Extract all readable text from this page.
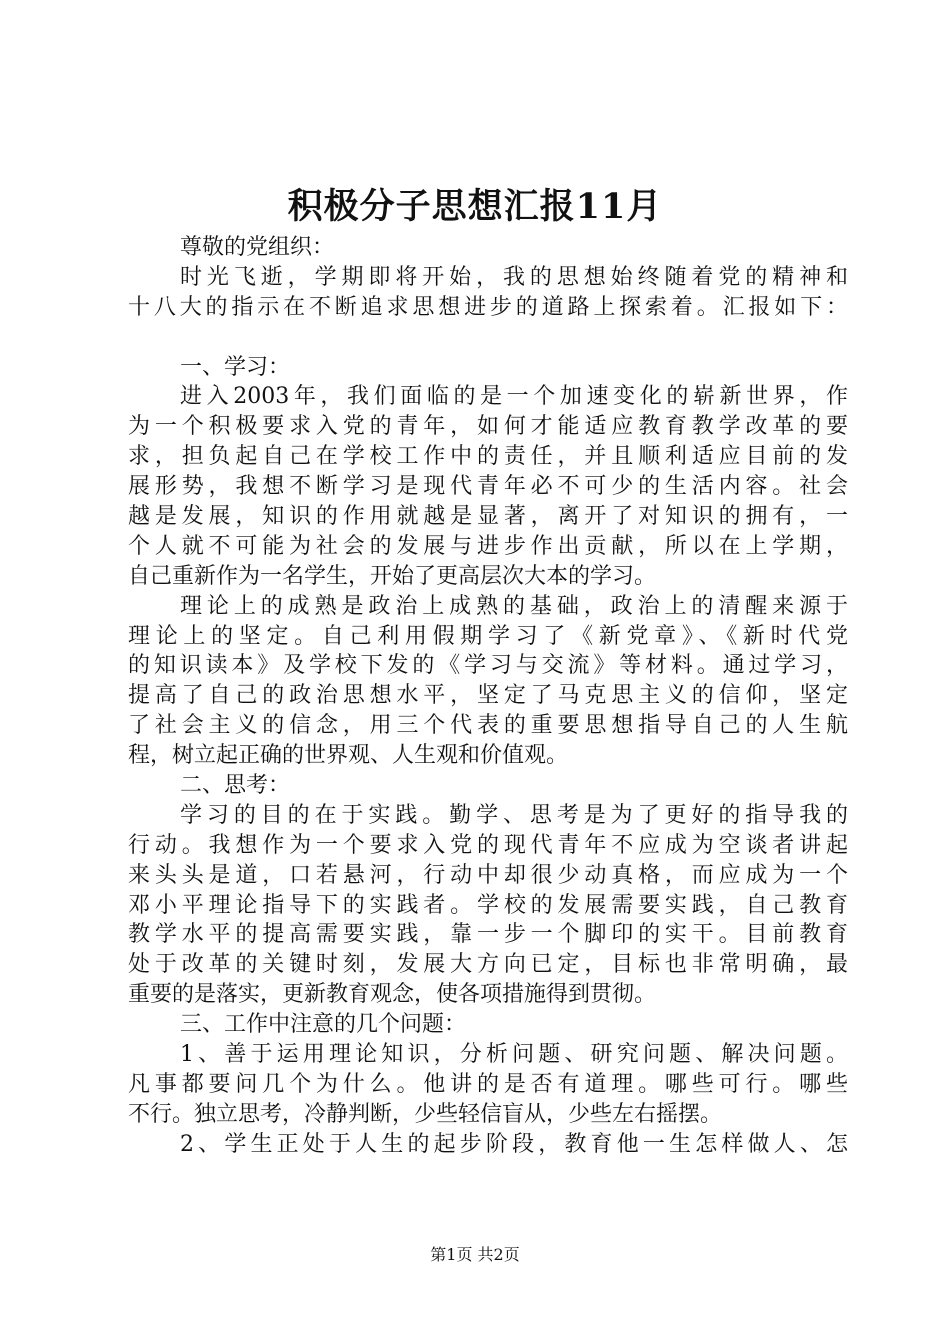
积极分子思想汇报11月
尊敬的党组织：
时光飞逝，学期即将开始，我的思想始终随着党的精神和
十八大的指示在不断追求思想进步的道路上探索着。汇报如下：
一、学习：
进入2003年，我们面临的是一个加速变化的崭新世界，作
为一个积极要求入党的青年，如何才能适应教育教学改革的要
求，担负起自己在学校工作中的责任，并且顺利适应目前的发
展形势，我想不断学习是现代青年必不可少的生活内容。社会
越是发展，知识的作用就越是显著，离开了对知识的拥有，一
个人就不可能为社会的发展与进步作出贡献，所以在上学期，
自己重新作为一名学生，开始了更高层次大本的学习。
理论上的成熟是政治上成熟的基础，政治上的清醒来源于
理论上的坚定。自己利用假期学习了《新党章》、《新时代党
的知识读本》及学校下发的《学习与交流》等材料。通过学习，
提高了自己的政治思想水平，坚定了马克思主义的信仰，坚定
了社会主义的信念，用三个代表的重要思想指导自己的人生航
程，树立起正确的世界观、人生观和价值观。
二、思考：
学习的目的在于实践。勤学、思考是为了更好的指导我的
行动。我想作为一个要求入党的现代青年不应成为空谈者讲起
来头头是道，口若悬河，行动中却很少动真格，而应成为一个
邓小平理论指导下的实践者。学校的发展需要实践，自己教育
教学水平的提高需要实践，靠一步一个脚印的实干。目前教育
处于改革的关键时刻，发展大方向已定，目标也非常明确，最
重要的是落实，更新教育观念，使各项措施得到贯彻。
三、工作中注意的几个问题：
1、善于运用理论知识，分析问题、研究问题、解决问题。
凡事都要问几个为什么。他讲的是否有道理。哪些可行。哪些
不行。独立思考，冷静判断，少些轻信盲从，少些左右摇摆。
2、学生正处于人生的起步阶段，教育他一生怎样做人、怎
第1页 共2页
